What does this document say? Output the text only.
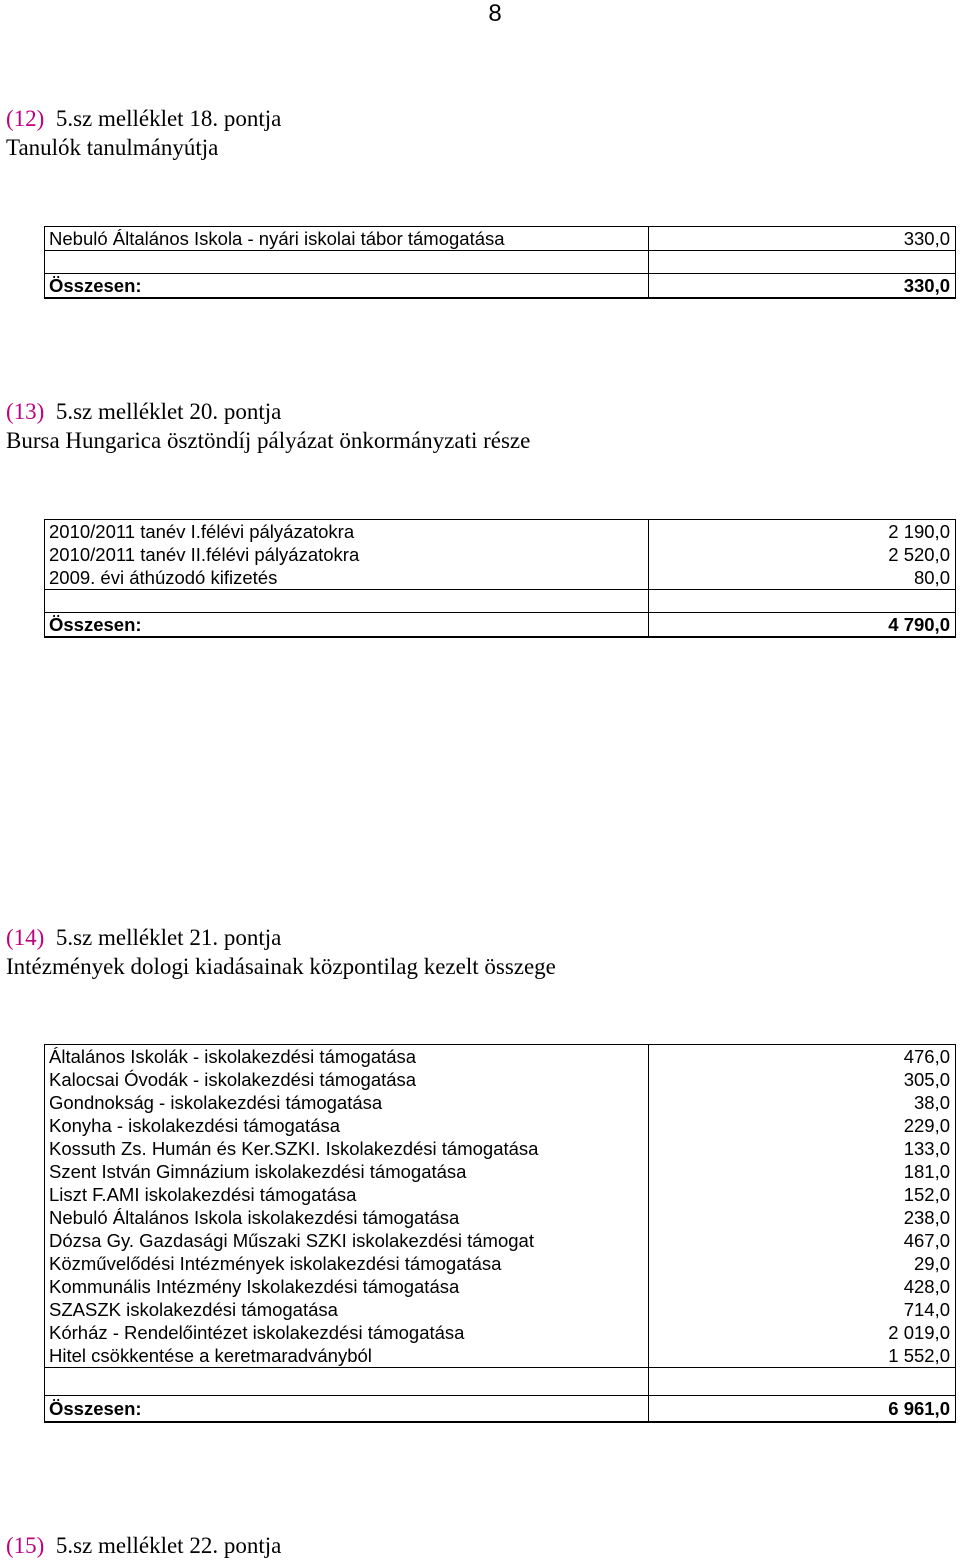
8
(12) 5.sz melléklet 18. pontja
Tanulók tanulmányútja
Nebuló Általános Iskola - nyári iskolai tábor támogatása	330,0

Összesen:	330,0
(13) 5.sz melléklet 20. pontja
Bursa Hungarica ösztöndíj pályázat önkormányzati része
2010/2011 tanév I.félévi pályázatokra	2 190,0
2010/2011 tanév II.félévi pályázatokra	2 520,0
2009. évi áthúzodó kifizetés	80,0

Összesen:	4 790,0
(14) 5.sz melléklet 21. pontja
Intézmények dologi kiadásainak központilag kezelt összege
Általános Iskolák - iskolakezdési támogatása	476,0
Kalocsai Óvodák - iskolakezdési támogatása	305,0
Gondnokság - iskolakezdési támogatása	38,0
Konyha - iskolakezdési támogatása	229,0
Kossuth Zs. Humán és Ker.SZKI. Iskolakezdési támogatása	133,0
Szent István Gimnázium iskolakezdési támogatása	181,0
Liszt F.AMI iskolakezdési támogatása	152,0
Nebuló Általános Iskola iskolakezdési támogatása	238,0
Dózsa Gy. Gazdasági Műszaki SZKI iskolakezdési támogat	467,0
Közművelődési Intézmények iskolakezdési támogatása	29,0
Kommunális Intézmény Iskolakezdési támogatása	428,0
SZASZK iskolakezdési támogatása	714,0
Kórház - Rendelőintézet iskolakezdési támogatása	2 019,0
Hitel csökkentése a keretmaradványból	1 552,0

Összesen:	6 961,0
(15) 5.sz melléklet 22. pontja
